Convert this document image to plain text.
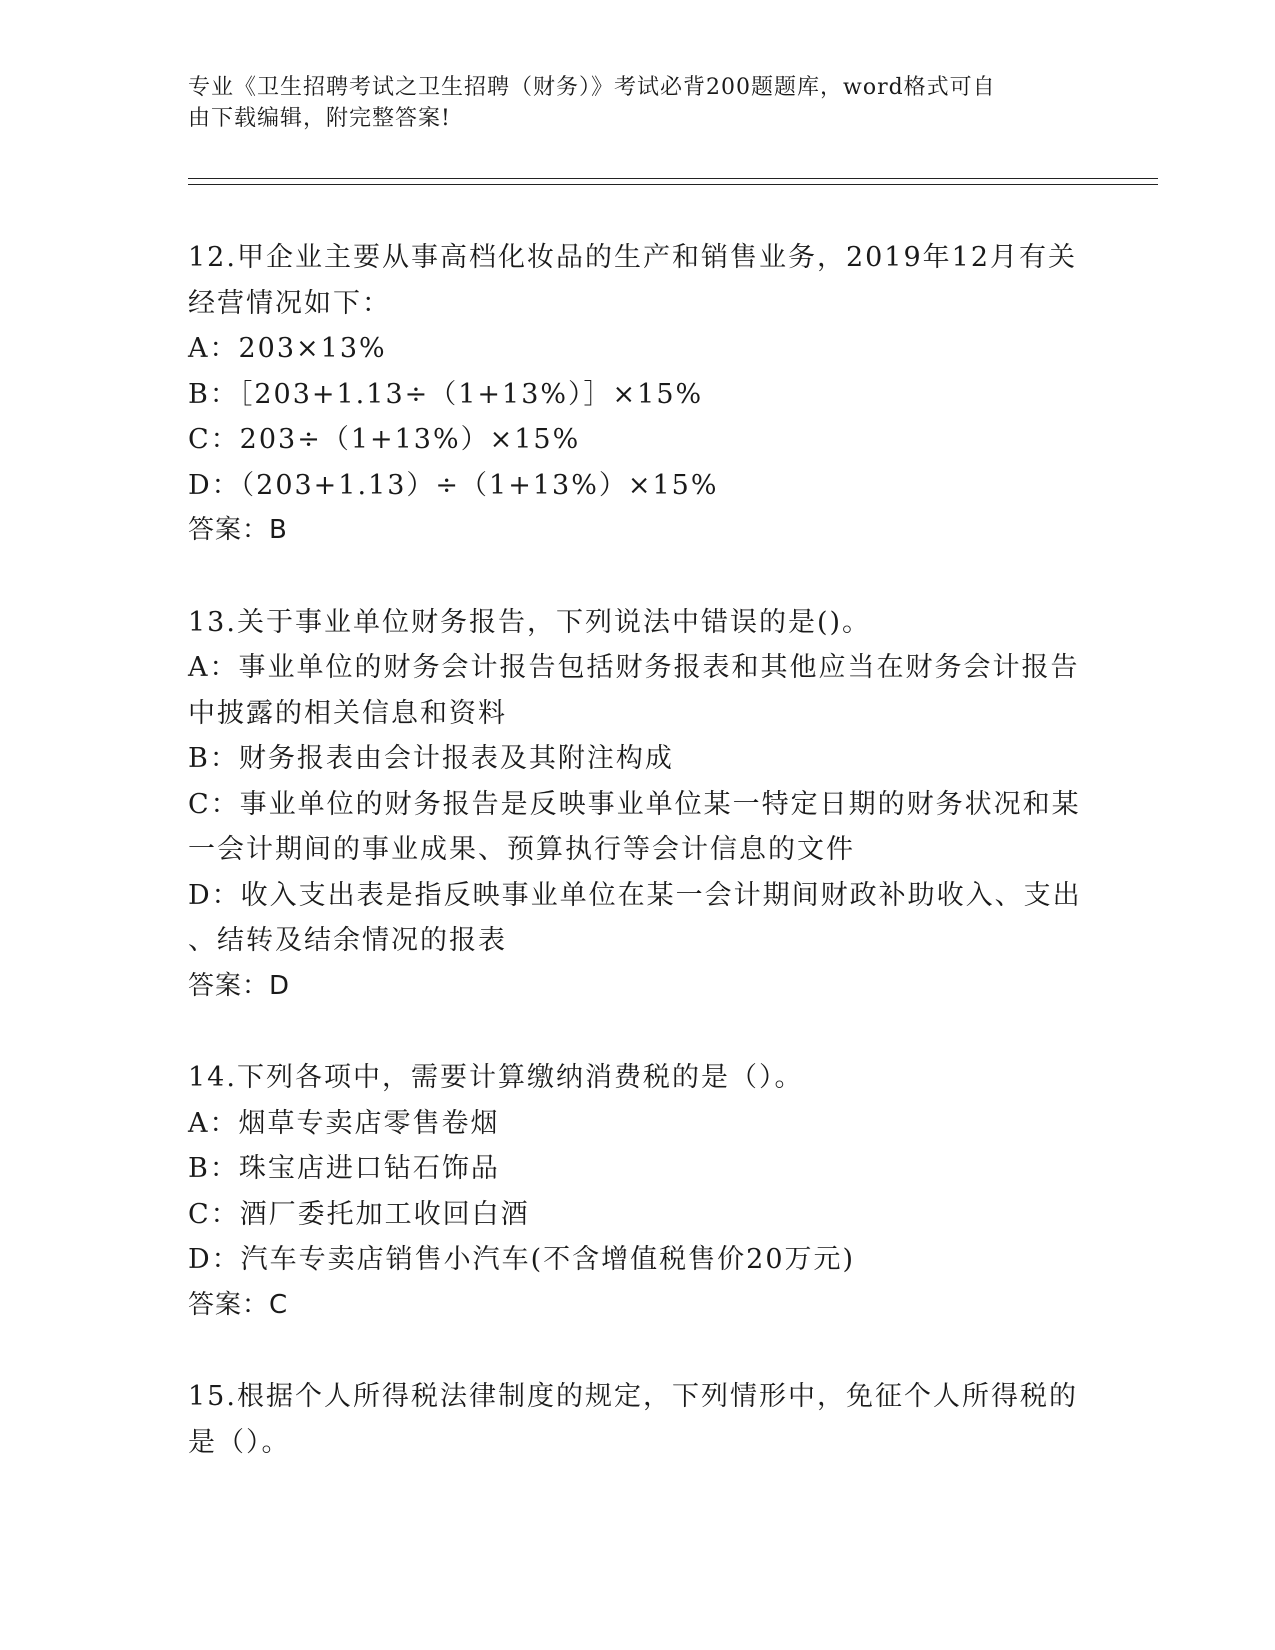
专业《卫生招聘考试之卫生招聘（财务）》考试必背200题题库，word格式可自
由下载编辑，附完整答案!
12.甲企业主要从事高档化妆品的生产和销售业务，2019年12月有关
经营情况如下：
A：203×13%
B：［203+1.13÷（1+13%）］×15%
C：203÷（1+13%）×15%
D：（203+1.13）÷（1+13%）×15%
答案：B
13.关于事业单位财务报告，下列说法中错误的是()。
A：事业单位的财务会计报告包括财务报表和其他应当在财务会计报告
中披露的相关信息和资料
B：财务报表由会计报表及其附注构成
C：事业单位的财务报告是反映事业单位某一特定日期的财务状况和某
一会计期间的事业成果、预算执行等会计信息的文件
D：收入支出表是指反映事业单位在某一会计期间财政补助收入、支出
、结转及结余情况的报表
答案：D
14.下列各项中，需要计算缴纳消费税的是（）。
A：烟草专卖店零售卷烟
B：珠宝店进口钻石饰品
C：酒厂委托加工收回白酒
D：汽车专卖店销售小汽车(不含增值税售价20万元)
答案：C
15.根据个人所得税法律制度的规定，下列情形中，免征个人所得税的
是（）。
